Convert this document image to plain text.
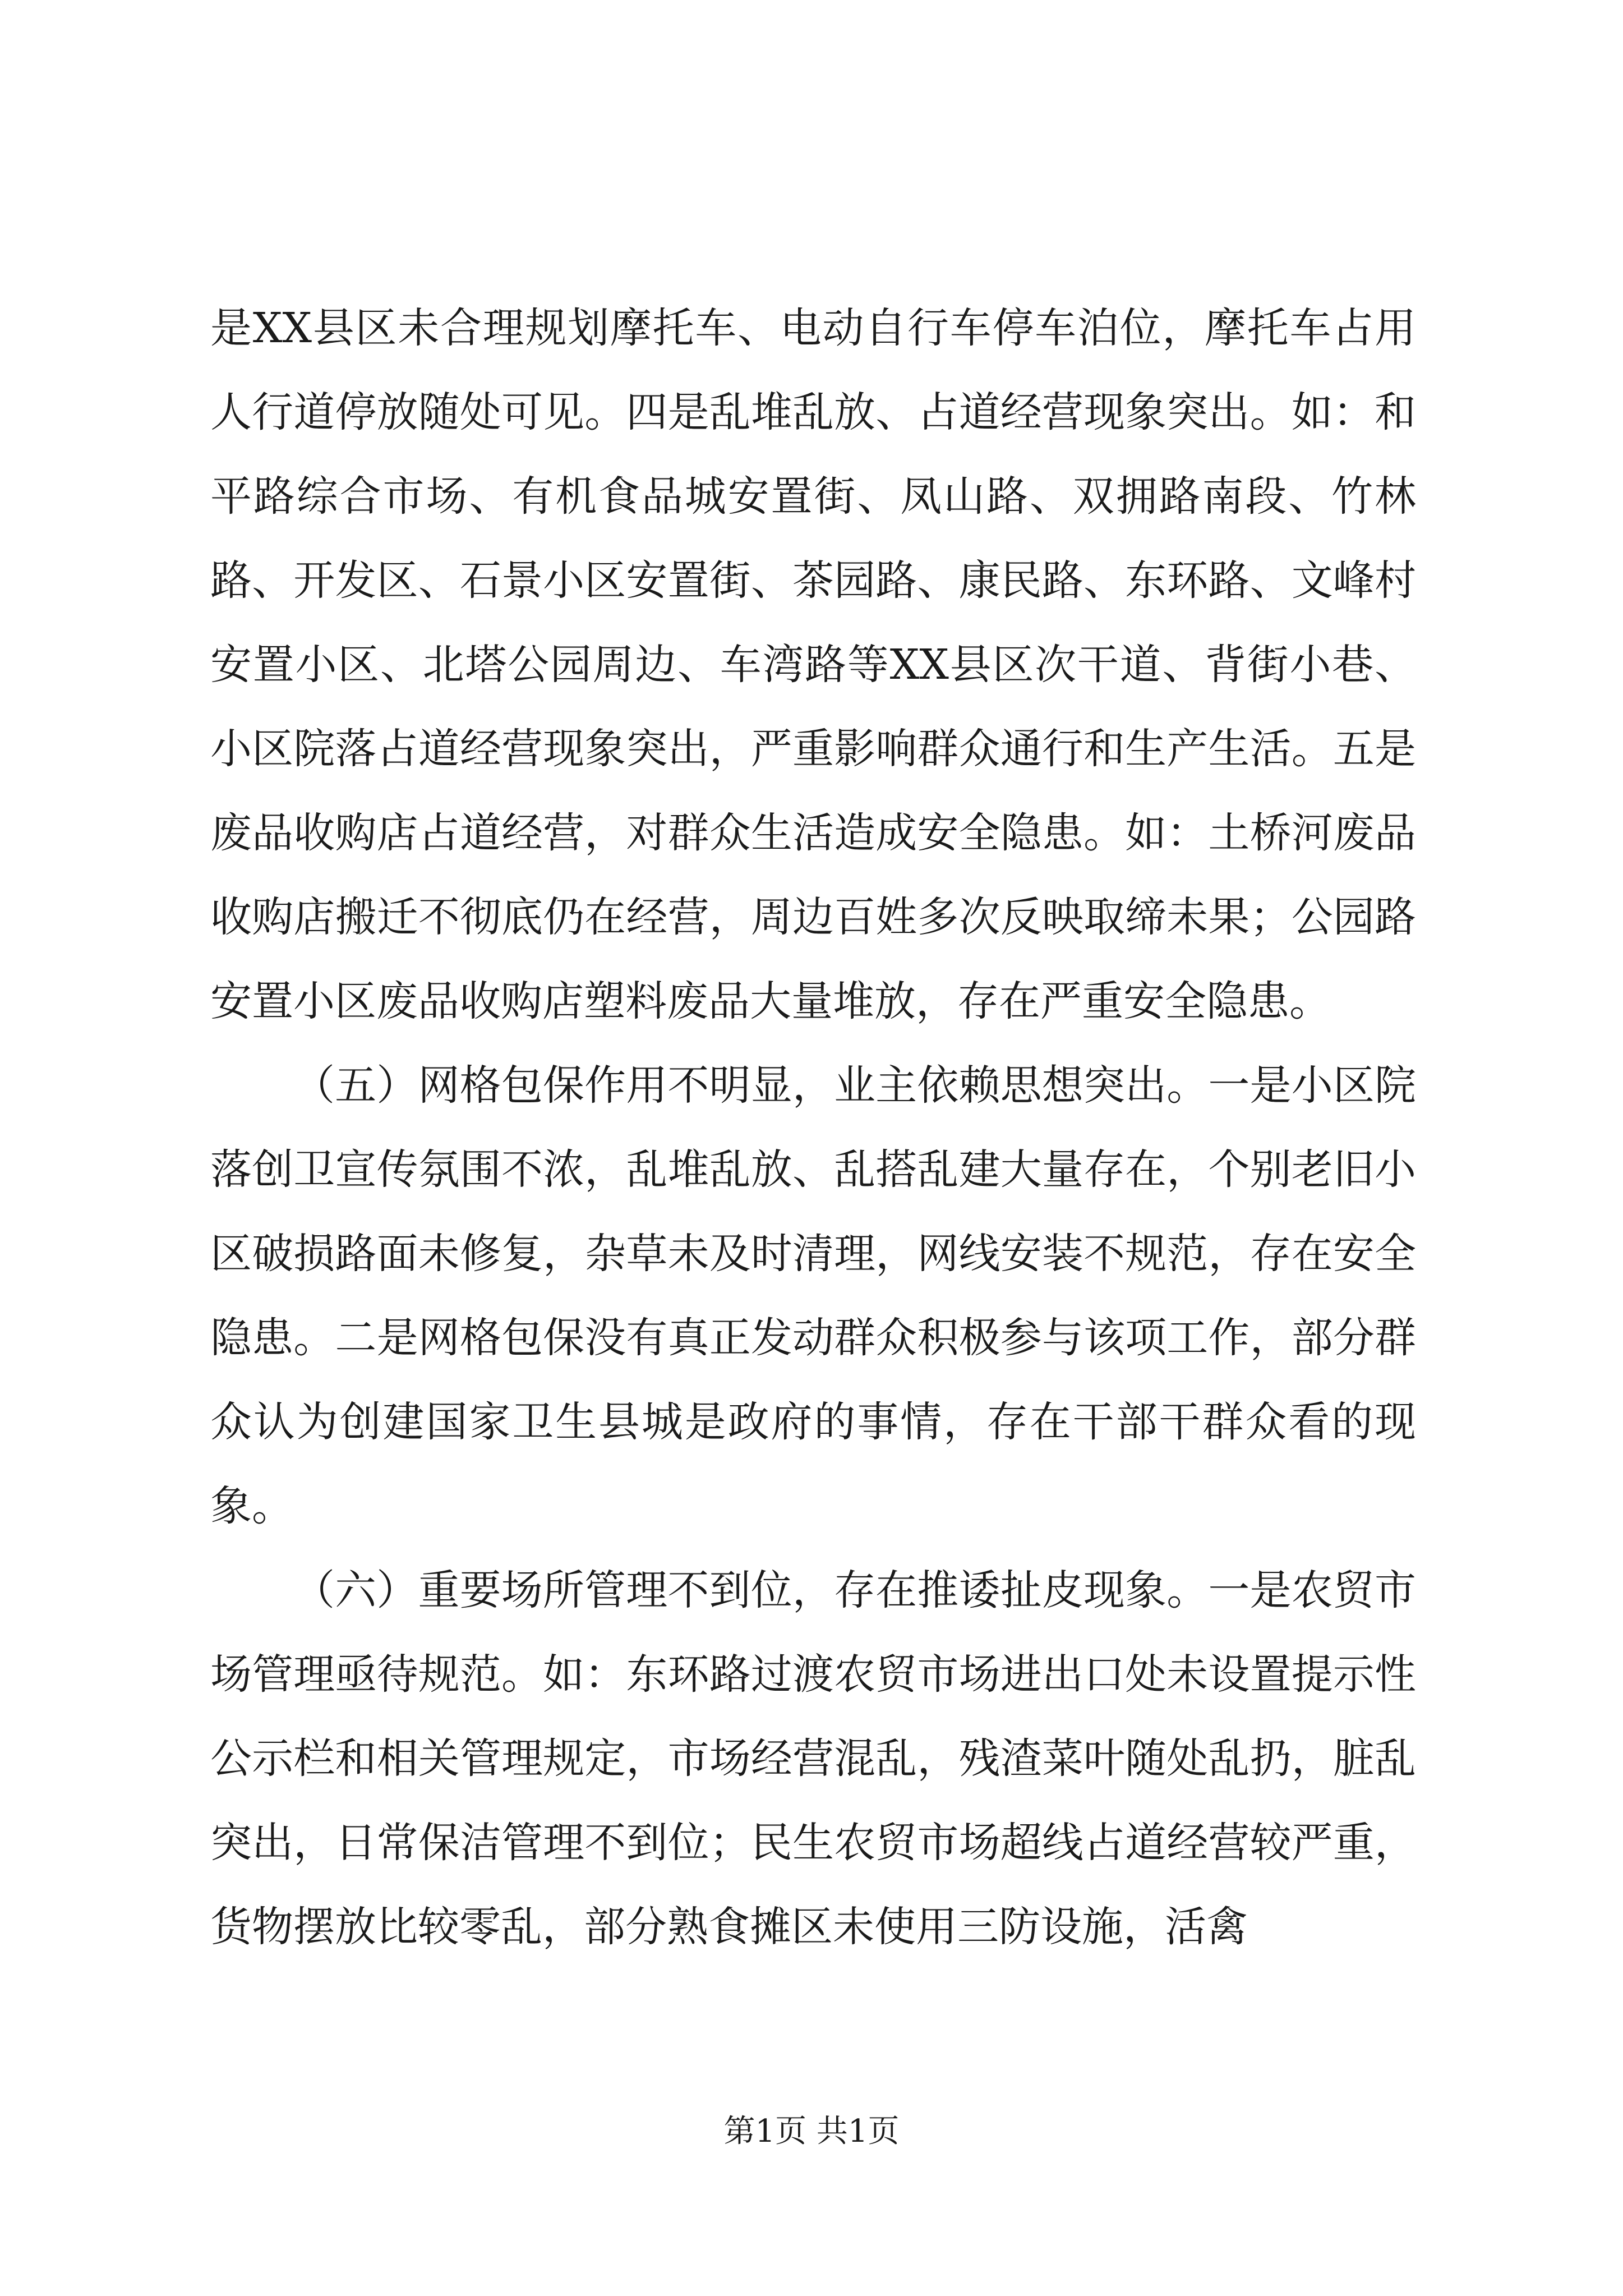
是XX县区未合理规划摩托车、电动自行车停车泊位，摩托车占用人行道停放随处可见。四是乱堆乱放、占道经营现象突出。如：和平路综合市场、有机食品城安置街、凤山路、双拥路南段、竹林路、开发区、石景小区安置街、茶园路、康民路、东环路、文峰村安置小区、北塔公园周边、车湾路等XX县区次干道、背街小巷、小区院落占道经营现象突出，严重影响群众通行和生产生活。五是废品收购店占道经营，对群众生活造成安全隐患。如：土桥河废品收购店搬迁不彻底仍在经营，周边百姓多次反映取缔未果；公园路安置小区废品收购店塑料废品大量堆放，存在严重安全隐患。

（五）网格包保作用不明显，业主依赖思想突出。一是小区院落创卫宣传氛围不浓，乱堆乱放、乱搭乱建大量存在，个别老旧小区破损路面未修复，杂草未及时清理，网线安装不规范，存在安全隐患。二是网格包保没有真正发动群众积极参与该项工作，部分群众认为创建国家卫生县城是政府的事情，存在干部干群众看的现象。

（六）重要场所管理不到位，存在推诿扯皮现象。一是农贸市场管理亟待规范。如：东环路过渡农贸市场进出口处未设置提示性公示栏和相关管理规定，市场经营混乱，残渣菜叶随处乱扔，脏乱突出，日常保洁管理不到位；民生农贸市场超线占道经营较严重，货物摆放比较零乱，部分熟食摊区未使用三防设施，活禽

第1页 共1页
